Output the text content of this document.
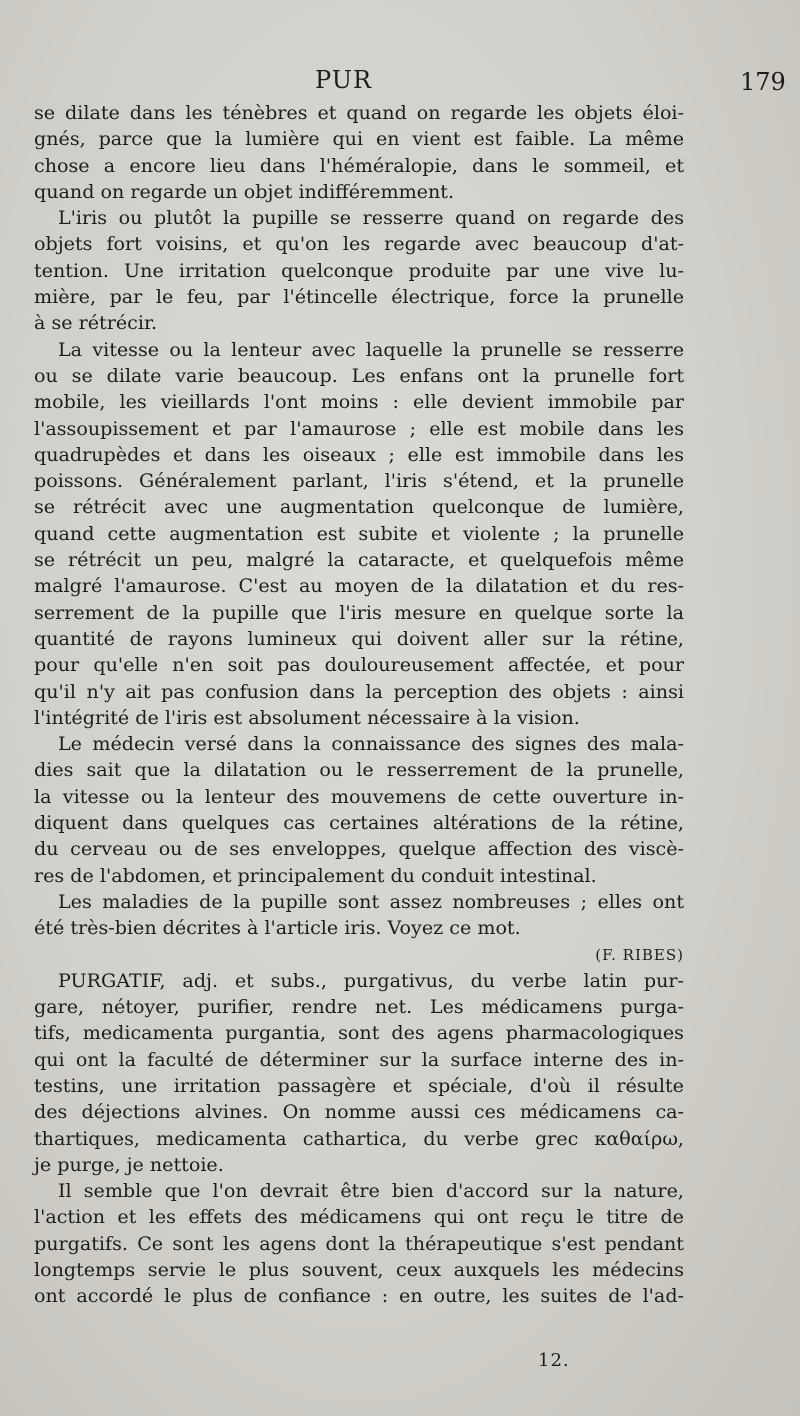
PUR	179
se dilate dans les ténèbres et quand on regarde les objets éloi-
gnés, parce que la lumière qui en vient est faible. La même
chose a encore lieu dans l'héméralopie, dans le sommeil, et
quand on regarde un objet indifféremment.
L'iris ou plutôt la pupille se resserre quand on regarde des
objets fort voisins, et qu'on les regarde avec beaucoup d'at-
tention. Une irritation quelconque produite par une vive lu-
mière, par le feu, par l'étincelle électrique, force la prunelle
à se rétrécir.
La vitesse ou la lenteur avec laquelle la prunelle se resserre
ou se dilate varie beaucoup. Les enfans ont la prunelle fort
mobile, les vieillards l'ont moins : elle devient immobile par
l'assoupissement et par l'amaurose ; elle est mobile dans les
quadrupèdes et dans les oiseaux ; elle est immobile dans les
poissons. Généralement parlant, l'iris s'étend, et la prunelle
se rétrécit avec une augmentation quelconque de lumière,
quand cette augmentation est subite et violente ; la prunelle
se rétrécit un peu, malgré la cataracte, et quelquefois même
malgré l'amaurose. C'est au moyen de la dilatation et du res-
serrement de la pupille que l'iris mesure en quelque sorte la
quantité de rayons lumineux qui doivent aller sur la rétine,
pour qu'elle n'en soit pas douloureusement affectée, et pour
qu'il n'y ait pas confusion dans la perception des objets : ainsi
l'intégrité de l'iris est absolument nécessaire à la vision.
Le médecin versé dans la connaissance des signes des mala-
dies sait que la dilatation ou le resserrement de la prunelle,
la vitesse ou la lenteur des mouvemens de cette ouverture in-
diquent dans quelques cas certaines altérations de la rétine,
du cerveau ou de ses enveloppes, quelque affection des viscè-
res de l'abdomen, et principalement du conduit intestinal.
Les maladies de la pupille sont assez nombreuses ; elles ont
été très-bien décrites à l'article iris. Voyez ce mot.
(F. RIBES)
PURGATIF, adj. et subs., purgativus, du verbe latin pur-
gare, nétoyer, purifier, rendre net. Les médicamens purga-
tifs, medicamenta purgantia, sont des agens pharmacologiques
qui ont la faculté de déterminer sur la surface interne des in-
testins, une irritation passagère et spéciale, d'où il résulte
des déjections alvines. On nomme aussi ces médicamens ca-
thartiques, medicamenta cathartica, du verbe grec καθαίρω,
je purge, je nettoie.
Il semble que l'on devrait être bien d'accord sur la nature,
l'action et les effets des médicamens qui ont reçu le titre de
purgatifs. Ce sont les agens dont la thérapeutique s'est pendant
longtemps servie le plus souvent, ceux auxquels les médecins
ont accordé le plus de confiance : en outre, les suites de l'ad-
12.
